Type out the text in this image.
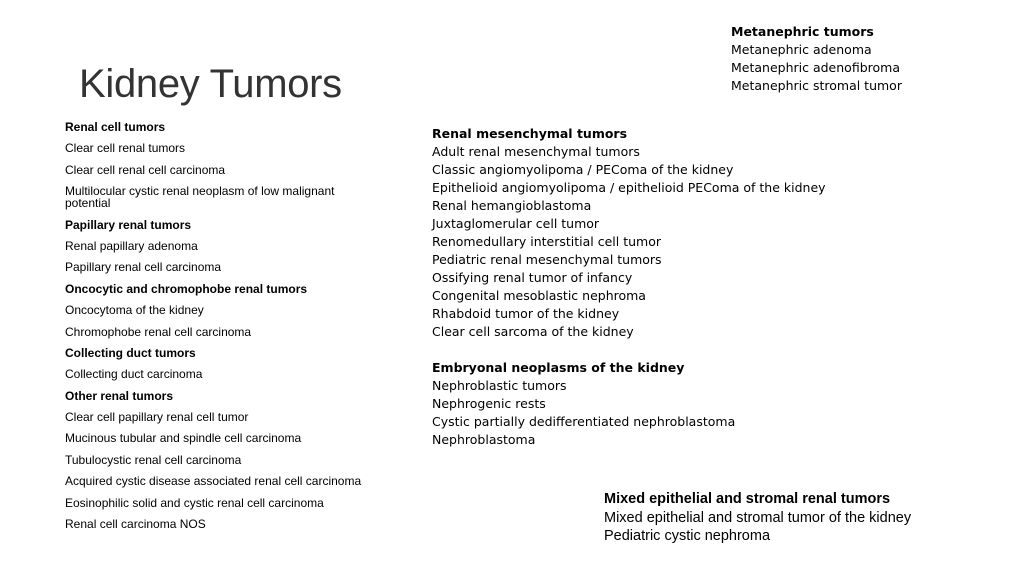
Kidney Tumors
Metanephric tumors
Metanephric adenoma
Metanephric adenofibroma
Metanephric stromal tumor
Renal cell tumors
Clear cell renal tumors
Clear cell renal cell carcinoma
Multilocular cystic renal neoplasm of low malignant potential
Papillary renal tumors
Renal papillary adenoma
Papillary renal cell carcinoma
Oncocytic and chromophobe renal tumors
Oncocytoma of the kidney
Chromophobe renal cell carcinoma
Collecting duct tumors
Collecting duct carcinoma
Other renal tumors
Clear cell papillary renal cell tumor
Mucinous tubular and spindle cell carcinoma
Tubulocystic renal cell carcinoma
Acquired cystic disease associated renal cell carcinoma
Eosinophilic solid and cystic renal cell carcinoma
Renal cell carcinoma NOS
Renal mesenchymal tumors
Adult renal mesenchymal tumors
Classic angiomyolipoma / PEComa of the kidney
Epithelioid angiomyolipoma / epithelioid PEComa of the kidney
Renal hemangioblastoma
Juxtaglomerular cell tumor
Renomedullary interstitial cell tumor
Pediatric renal mesenchymal tumors
Ossifying renal tumor of infancy
Congenital mesoblastic nephroma
Rhabdoid tumor of the kidney
Clear cell sarcoma of the kidney
Embryonal neoplasms of the kidney
Nephroblastic tumors
Nephrogenic rests
Cystic partially dedifferentiated nephroblastoma
Nephroblastoma
Mixed epithelial and stromal renal tumors
Mixed epithelial and stromal tumor of the kidney
Pediatric cystic nephroma
